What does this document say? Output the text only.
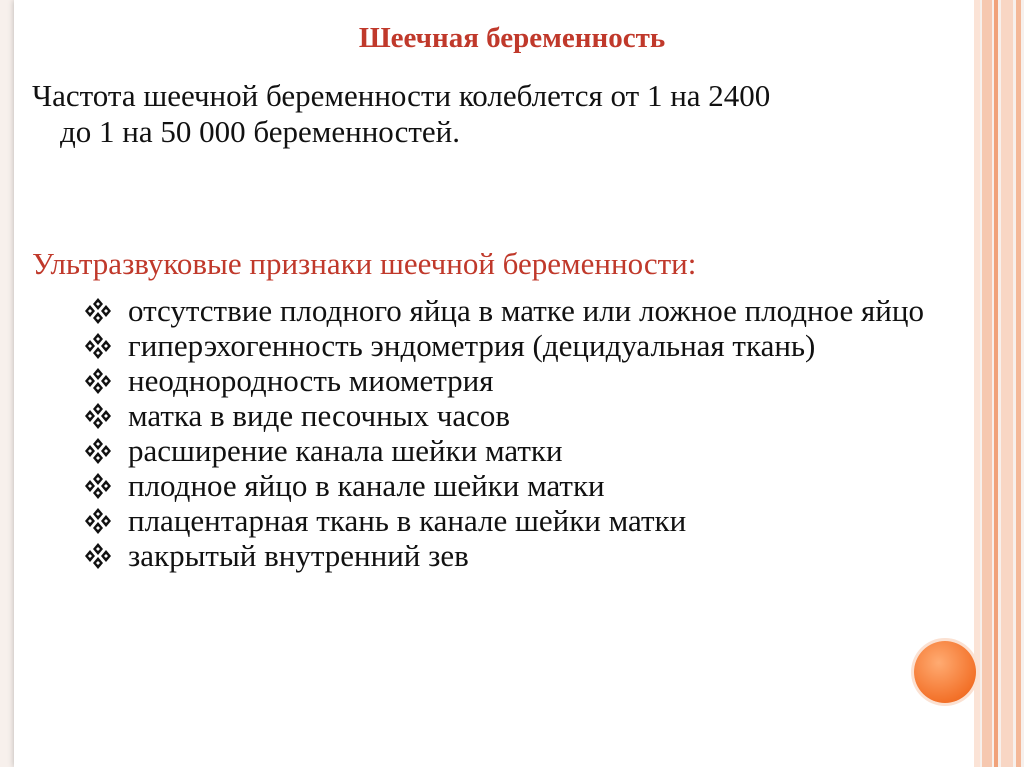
Шеечная беременность
Частота шеечной беременности колеблется от 1 на 2400
до 1 на 50 000 беременностей.
Ультразвуковые признаки шеечной беременности:
отсутствие плодного яйца в матке или ложное плодное яйцо
гиперэхогенность эндометрия (децидуальная ткань)
неоднородность миометрия
матка в виде песочных часов
расширение канала шейки матки
плодное яйцо в канале шейки матки
плацентарная ткань в канале шейки матки
закрытый внутренний зев
